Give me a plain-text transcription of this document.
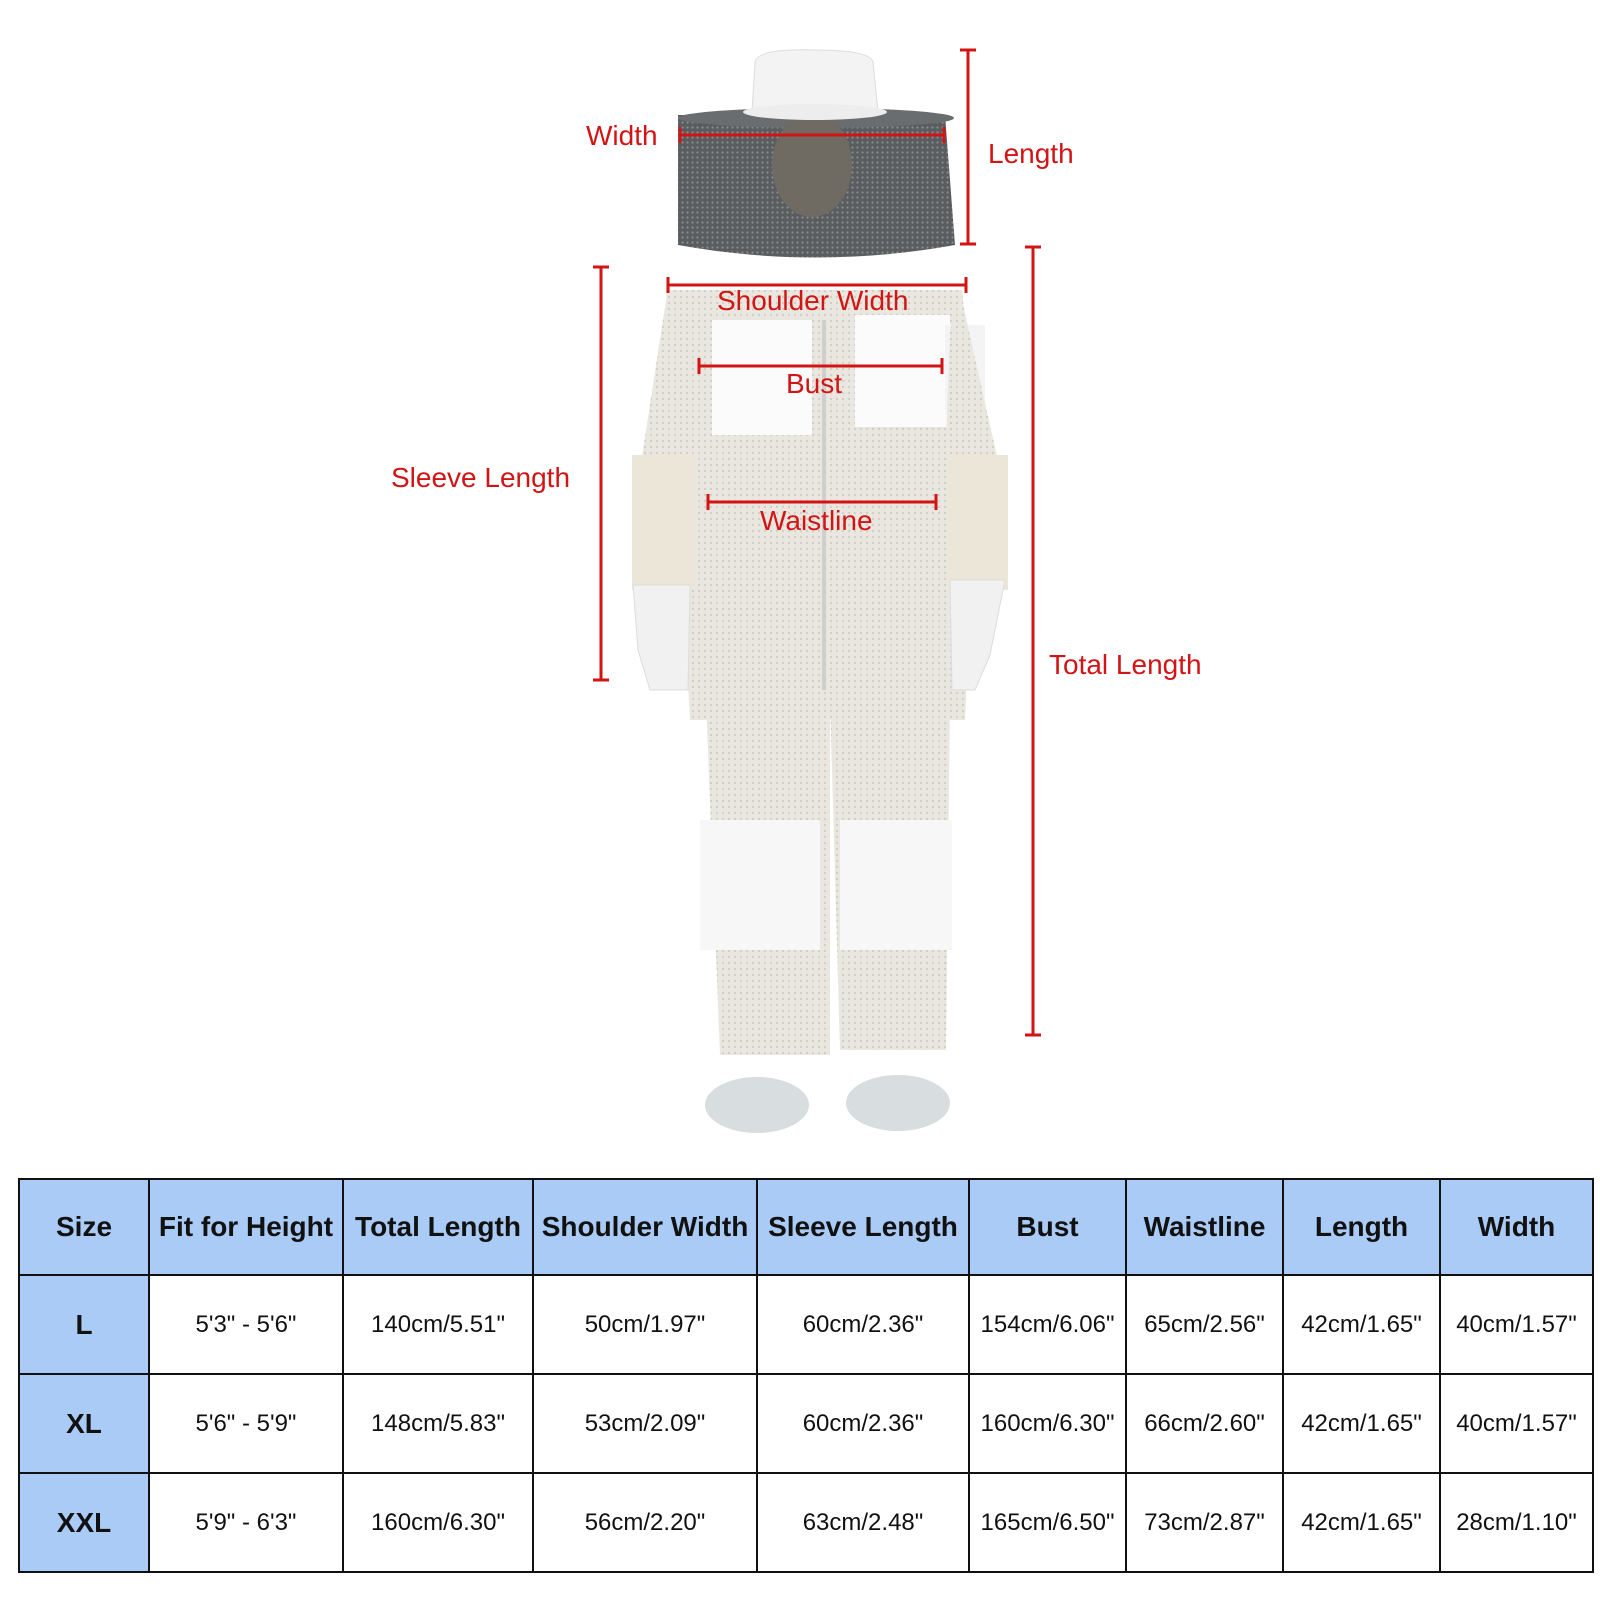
Width
Length
Shoulder Width
Bust
Sleeve Length
Waistline
Total Length
Size	Fit for Height	Total Length	Shoulder Width	Sleeve Length	Bust	Waistline	Length	Width
L	5'3" - 5'6"	140cm/5.51"	50cm/1.97"	60cm/2.36"	154cm/6.06"	65cm/2.56"	42cm/1.65"	40cm/1.57"
XL	5'6" - 5'9"	148cm/5.83"	53cm/2.09"	60cm/2.36"	160cm/6.30"	66cm/2.60"	42cm/1.65"	40cm/1.57"
XXL	5'9" - 6'3"	160cm/6.30"	56cm/2.20"	63cm/2.48"	165cm/6.50"	73cm/2.87"	42cm/1.65"	28cm/1.10"
